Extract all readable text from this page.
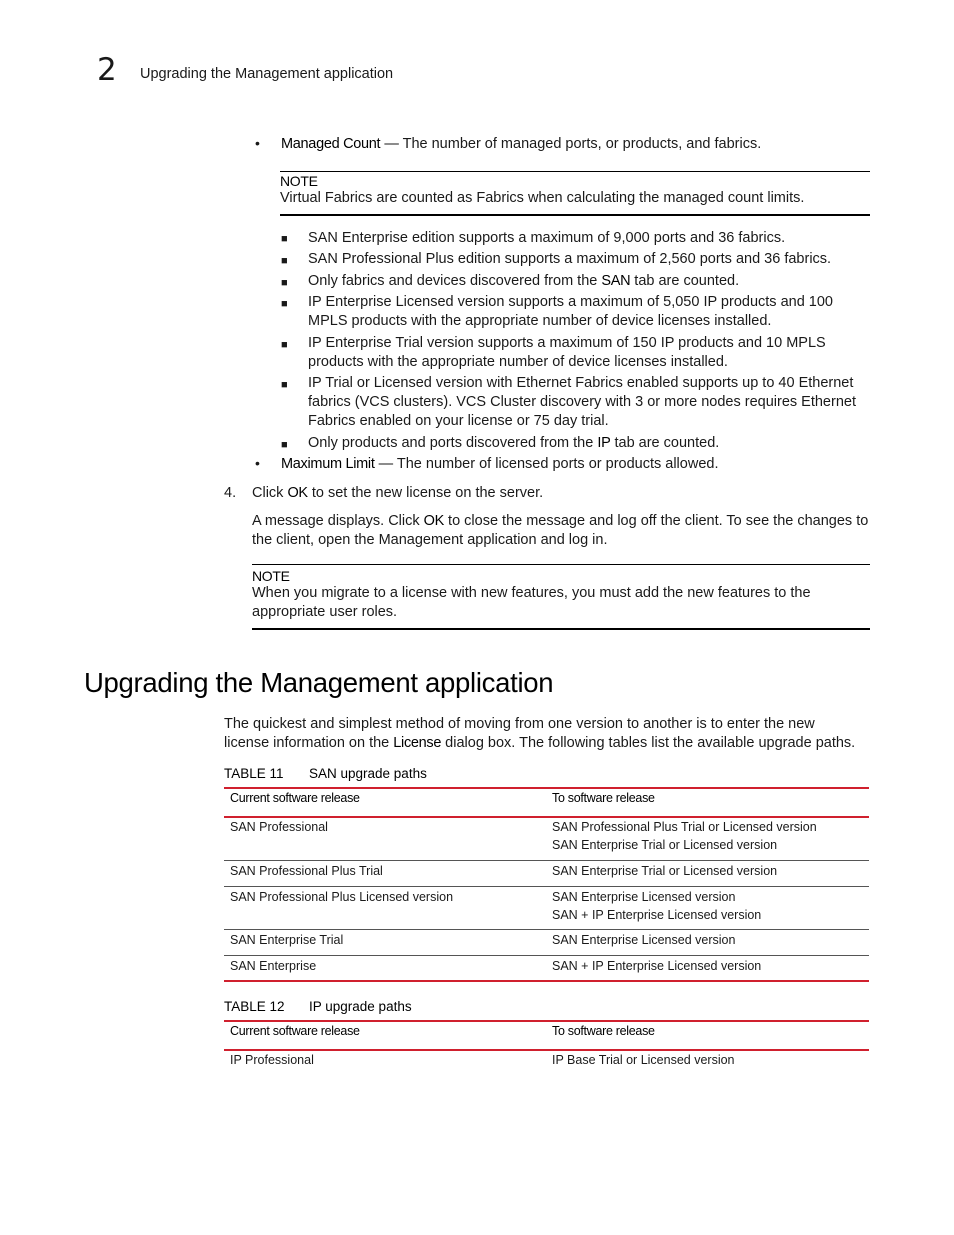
2 Upgrading the Management application
• Managed Count — The number of managed ports, or products, and fabrics.
NOTE
Virtual Fabrics are counted as Fabrics when calculating the managed count limits.
■ SAN Enterprise edition supports a maximum of 9,000 ports and 36 fabrics.
■ SAN Professional Plus edition supports a maximum of 2,560 ports and 36 fabrics.
■ Only fabrics and devices discovered from the SAN tab are counted.
■ IP Enterprise Licensed version supports a maximum of 5,050 IP products and 100
MPLS products with the appropriate number of device licenses installed.
■ IP Enterprise Trial version supports a maximum of 150 IP products and 10 MPLS
products with the appropriate number of device licenses installed.
■ IP Trial or Licensed version with Ethernet Fabrics enabled supports up to 40 Ethernet
fabrics (VCS clusters). VCS Cluster discovery with 3 or more nodes requires Ethernet
Fabrics enabled on your license or 75 day trial.
■ Only products and ports discovered from the IP tab are counted.
• Maximum Limit — The number of licensed ports or products allowed.
4. Click OK to set the new license on the server.
A message displays. Click OK to close the message and log off the client. To see the changes to
the client, open the Management application and log in.
NOTE
When you migrate to a license with new features, you must add the new features to the
appropriate user roles.
Upgrading the Management application
The quickest and simplest method of moving from one version to another is to enter the new
license information on the License dialog box. The following tables list the available upgrade paths.
TABLE 11 SAN upgrade paths
Current software release	To software release
SAN Professional	SAN Professional Plus Trial or Licensed version
SAN Enterprise Trial or Licensed version
SAN Professional Plus Trial	SAN Enterprise Trial or Licensed version
SAN Professional Plus Licensed version	SAN Enterprise Licensed version
SAN + IP Enterprise Licensed version
SAN Enterprise Trial	SAN Enterprise Licensed version
SAN Enterprise	SAN + IP Enterprise Licensed version
TABLE 12 IP upgrade paths
Current software release	To software release
IP Professional	IP Base Trial or Licensed version
